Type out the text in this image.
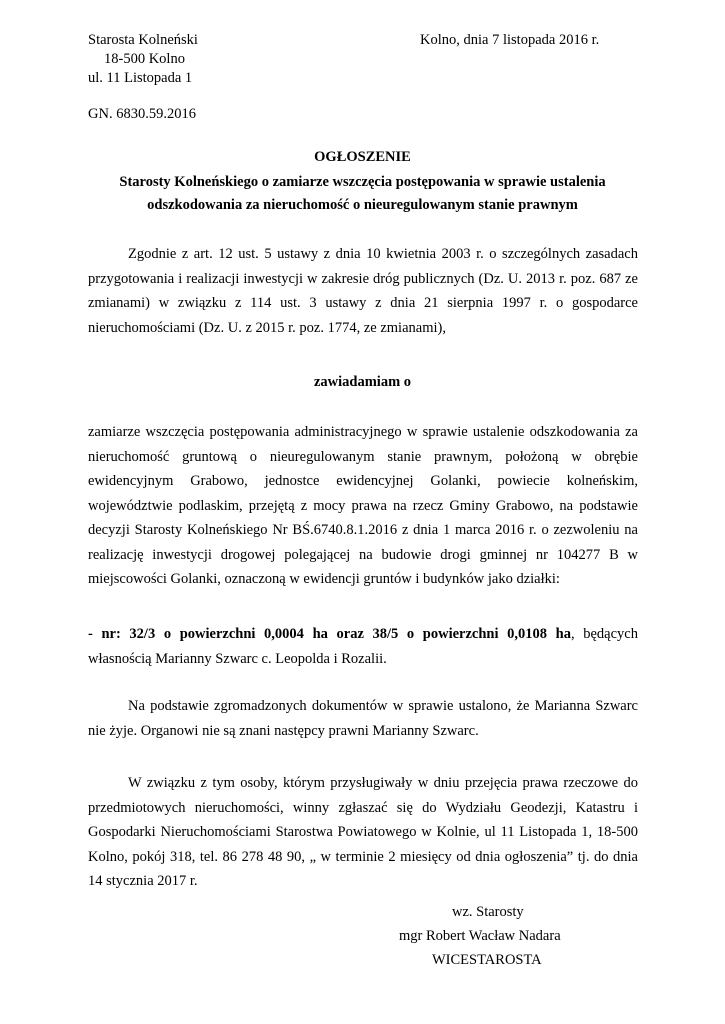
Starosta Kolneński
18-500 Kolno
ul. 11 Listopada 1
Kolno, dnia 7 listopada 2016 r.
GN. 6830.59.2016
OGŁOSZENIE
Starosty Kolneńskiego o zamiarze wszczęcia postępowania w sprawie ustalenia
odszkodowania za nieruchomość o nieuregulowanym stanie prawnym
Zgodnie z art. 12 ust. 5 ustawy z dnia 10 kwietnia 2003 r. o szczególnych zasadach przygotowania i realizacji inwestycji w zakresie dróg publicznych (Dz. U. 2013 r. poz. 687 ze zmianami) w związku z 114 ust. 3 ustawy z dnia 21 sierpnia 1997 r. o gospodarce nieruchomościami (Dz. U. z 2015 r. poz. 1774, ze zmianami),
zawiadamiam o
zamiarze wszczęcia postępowania administracyjnego w sprawie ustalenie odszkodowania za nieruchomość gruntową o nieuregulowanym stanie prawnym, położoną w obrębie ewidencyjnym Grabowo, jednostce ewidencyjnej Golanki, powiecie kolneńskim, województwie podlaskim, przejętą z mocy prawa na rzecz Gminy Grabowo, na podstawie decyzji Starosty Kolneńskiego Nr BŚ.6740.8.1.2016 z dnia 1 marca 2016 r. o zezwoleniu na realizację inwestycji drogowej polegającej na budowie drogi gminnej nr 104277 B w miejscowości Golanki, oznaczoną w ewidencji gruntów i budynków jako działki:
- nr: 32/3 o powierzchni 0,0004 ha oraz 38/5 o powierzchni 0,0108 ha, będących własnością Marianny Szwarc c. Leopolda i Rozalii.
Na podstawie zgromadzonych dokumentów w sprawie ustalono, że Marianna Szwarc nie żyje. Organowi nie są znani następcy prawni Marianny Szwarc.
W związku z tym osoby, którym przysługiwały w dniu przejęcia prawa rzeczowe do przedmiotowych nieruchomości, winny zgłaszać się do Wydziału Geodezji, Katastru i Gospodarki Nieruchomościami Starostwa Powiatowego w Kolnie, ul 11 Listopada 1, 18-500 Kolno, pokój 318, tel. 86 278 48 90, „ w terminie 2 miesięcy od dnia ogłoszenia” tj. do dnia 14 stycznia 2017 r.
wz. Starosty
mgr Robert Wacław Nadara
WICESTAROSTA
